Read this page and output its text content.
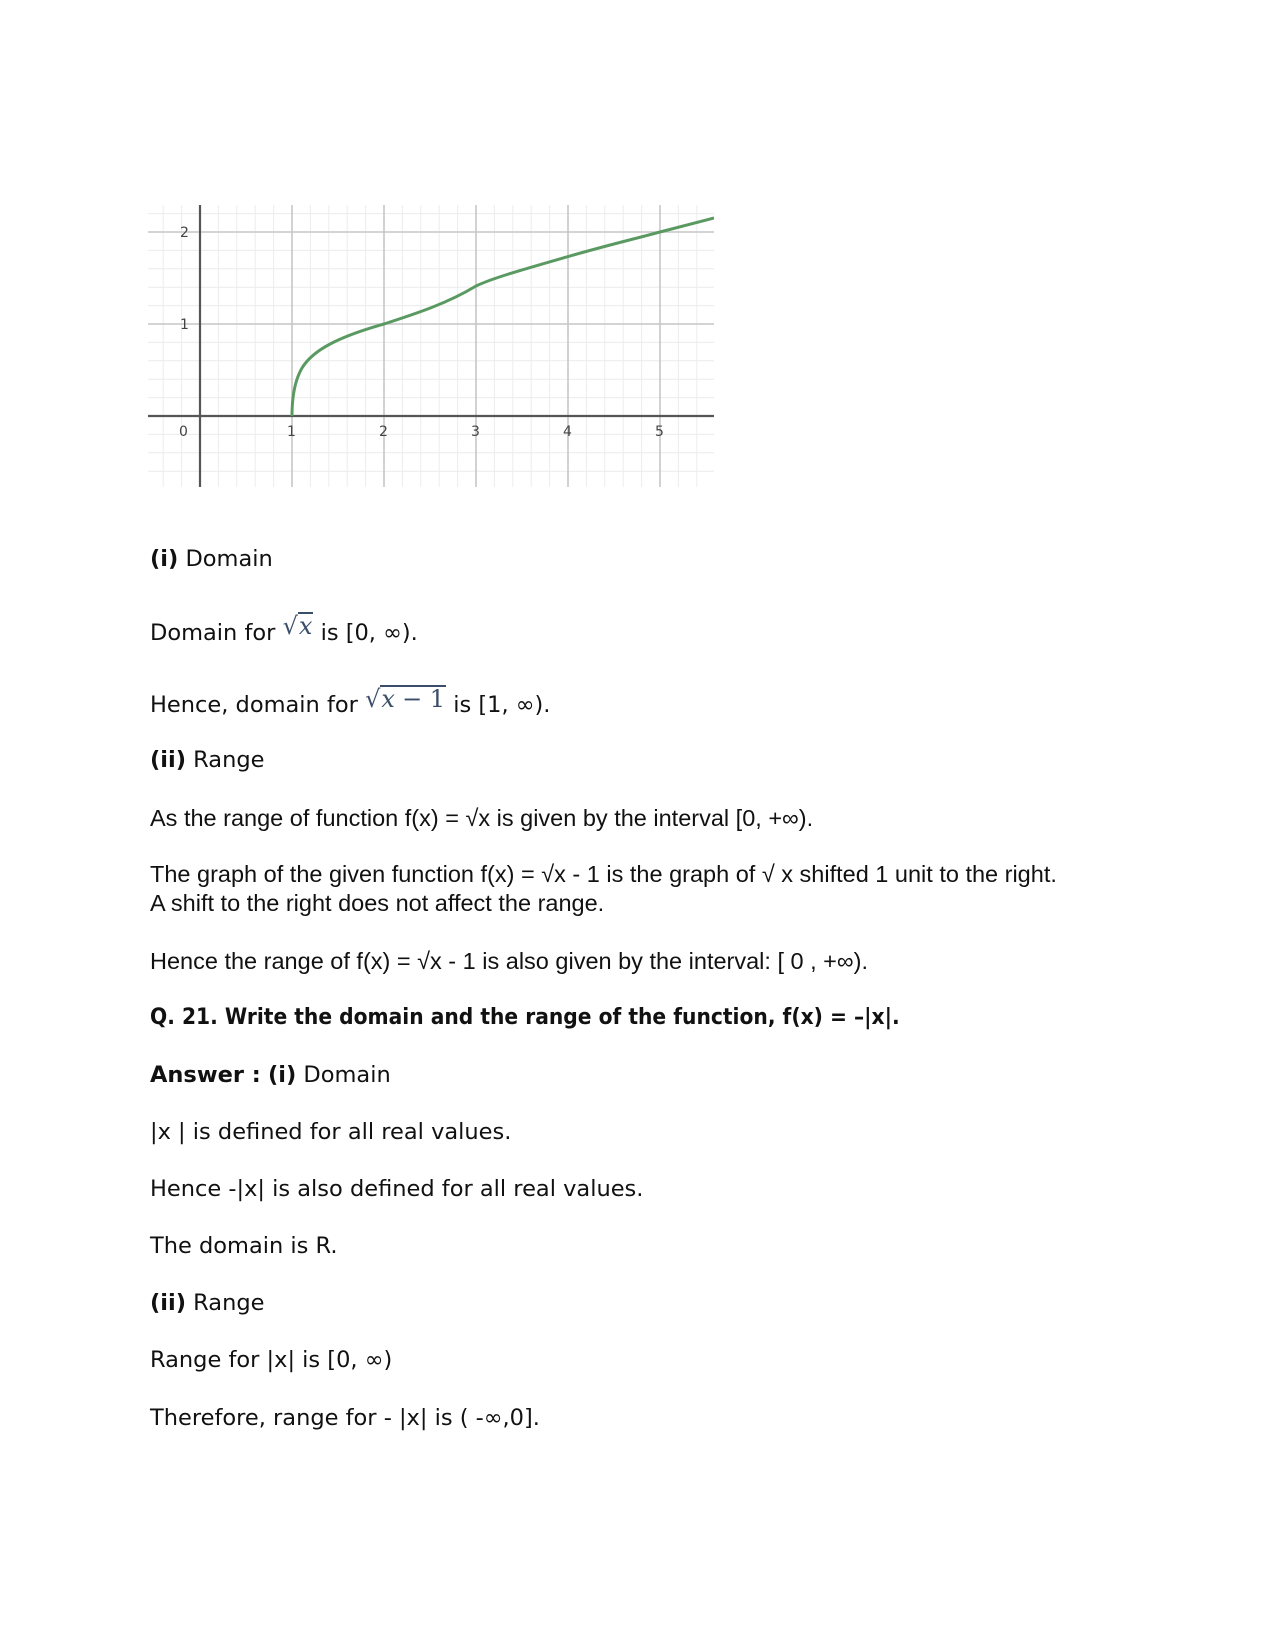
2
1
0	1	2	3	4	5
(i) Domain
Domain for √x is [0, ∞).
Hence, domain for √x − 1 is [1, ∞).
(ii) Range
As the range of function f(x) = √x is given by the interval [0, +∞).
The graph of the given function f(x) = √x - 1 is the graph of √ x shifted 1 unit to the right.
A shift to the right does not affect the range.
Hence the range of f(x) = √x - 1 is also given by the interval: [ 0 , +∞).
Q. 21. Write the domain and the range of the function, f(x) = –|x|.
Answer : (i) Domain
|x | is defined for all real values.
Hence -|x| is also defined for all real values.
The domain is R.
(ii) Range
Range for |x| is [0, ∞)
Therefore, range for - |x| is ( -∞,0].
